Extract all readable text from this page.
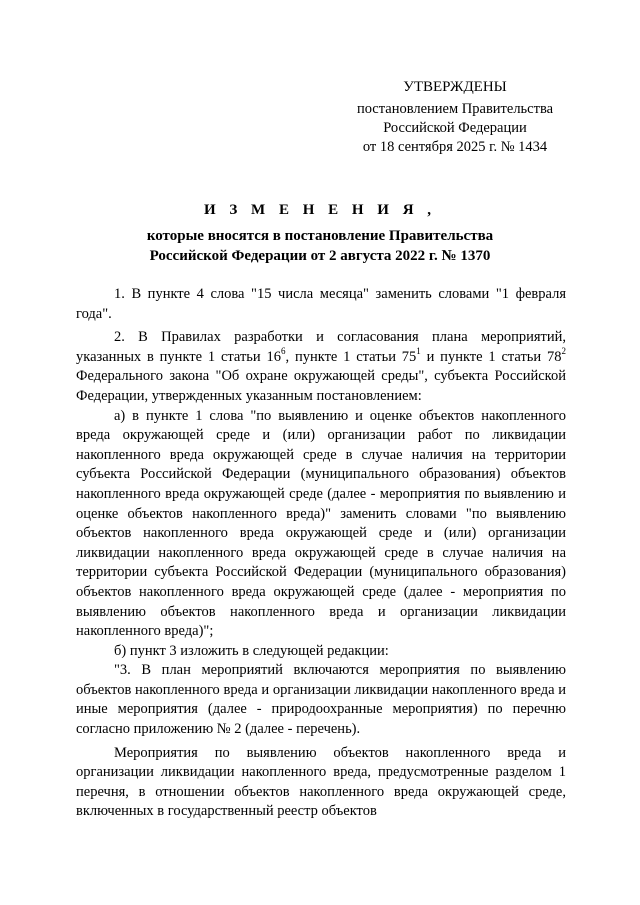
УТВЕРЖДЕНЫ
постановлением Правительства
Российской Федерации
от 18 сентября 2025 г. № 1434
И З М Е Н Е Н И Я ,
которые вносятся в постановление Правительства
Российской Федерации от 2 августа 2022 г. № 1370

1. В пункте 4 слова "15 числа месяца" заменить словами "1 февраля года".

2. В Правилах разработки и согласования плана мероприятий, указанных в пункте 1 статьи $16^6$, пункте 1 статьи $75^1$ и пункте 1 статьи $78^2$ Федерального закона "Об охране окружающей среды", субъекта Российской Федерации, утвержденных указанным постановлением:

а) в пункте 1 слова "по выявлению и оценке объектов накопленного вреда окружающей среде и (или) организации работ по ликвидации накопленного вреда окружающей среде в случае наличия на территории субъекта Российской Федерации (муниципального образования) объектов накопленного вреда окружающей среде (далее - мероприятия по выявлению и оценке объектов накопленного вреда)" заменить словами "по выявлению объектов накопленного вреда окружающей среде и (или) организации ликвидации накопленного вреда окружающей среде в случае наличия на территории субъекта Российской Федерации (муниципального образования) объектов накопленного вреда окружающей среде (далее - мероприятия по выявлению объектов накопленного вреда и организации ликвидации накопленного вреда)";

б) пункт 3 изложить в следующей редакции:

"3. В план мероприятий включаются мероприятия по выявлению объектов накопленного вреда и организации ликвидации накопленного вреда и иные мероприятия (далее - природоохранные мероприятия) по перечню согласно приложению № 2 (далее - перечень).

Мероприятия по выявлению объектов накопленного вреда и организации ликвидации накопленного вреда, предусмотренные разделом 1 перечня, в отношении объектов накопленного вреда окружающей среде, включенных в государственный реестр объектов
